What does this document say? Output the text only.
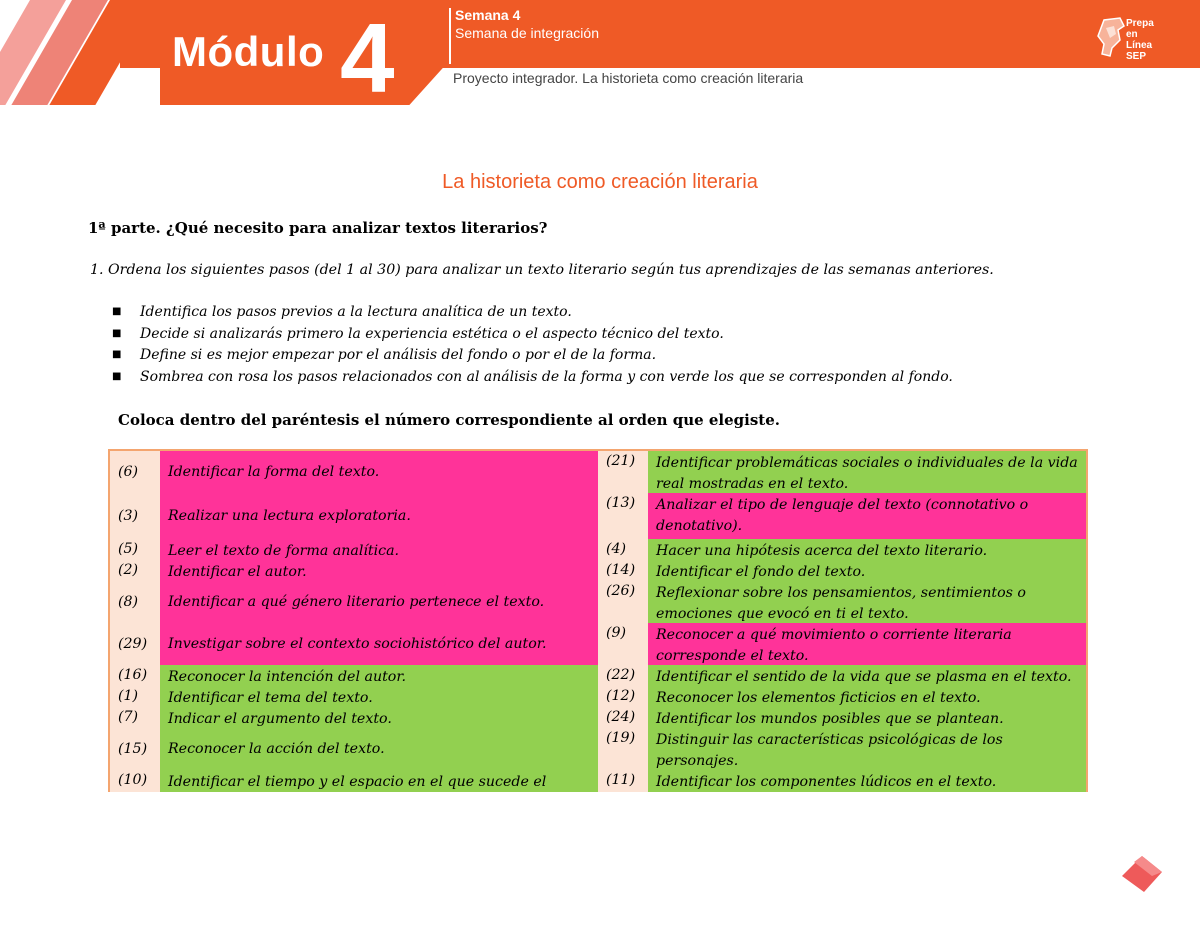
Módulo 4	Semana 4
Semana de integración
Proyecto integrador. La historieta como creación literaria
Prepa en Línea SEP
La historieta como creación literaria
1ª parte. ¿Qué necesito para analizar textos literarios?
1. Ordena los siguientes pasos (del 1 al 30) para analizar un texto literario según tus aprendizajes de las semanas anteriores.
■ Identifica los pasos previos a la lectura analítica de un texto.
■ Decide si analizarás primero la experiencia estética o el aspecto técnico del texto.
■ Define si es mejor empezar por el análisis del fondo o por el de la forma.
■ Sombrea con rosa los pasos relacionados con al análisis de la forma y con verde los que se corresponden al fondo.
Coloca dentro del paréntesis el número correspondiente al orden que elegiste.
(6)	Identificar la forma del texto.
(3)	Realizar una lectura exploratoria.
(5)	Leer el texto de forma analítica.
(2)	Identificar el autor.
(8)	Identificar a qué género literario pertenece el texto.
(29)	Investigar sobre el contexto sociohistórico del autor.
(16)	Reconocer la intención del autor.
(1)	Identificar el tema del texto.
(7)	Indicar el argumento del texto.
(15)	Reconocer la acción del texto.
(10)	Identificar el tiempo y el espacio en el que sucede el
(21)	Identificar problemáticas sociales o individuales de la vida real mostradas en el texto.
(13)	Analizar el tipo de lenguaje del texto (connotativo o denotativo).
(4)	Hacer una hipótesis acerca del texto literario.
(14)	Identificar el fondo del texto.
(26)	Reflexionar sobre los pensamientos, sentimientos o emociones que evocó en ti el texto.
(9)	Reconocer a qué movimiento o corriente literaria corresponde el texto.
(22)	Identificar el sentido de la vida que se plasma en el texto.
(12)	Reconocer los elementos ficticios en el texto.
(24)	Identificar los mundos posibles que se plantean.
(19)	Distinguir las características psicológicas de los personajes.
(11)	Identificar los componentes lúdicos en el texto.
